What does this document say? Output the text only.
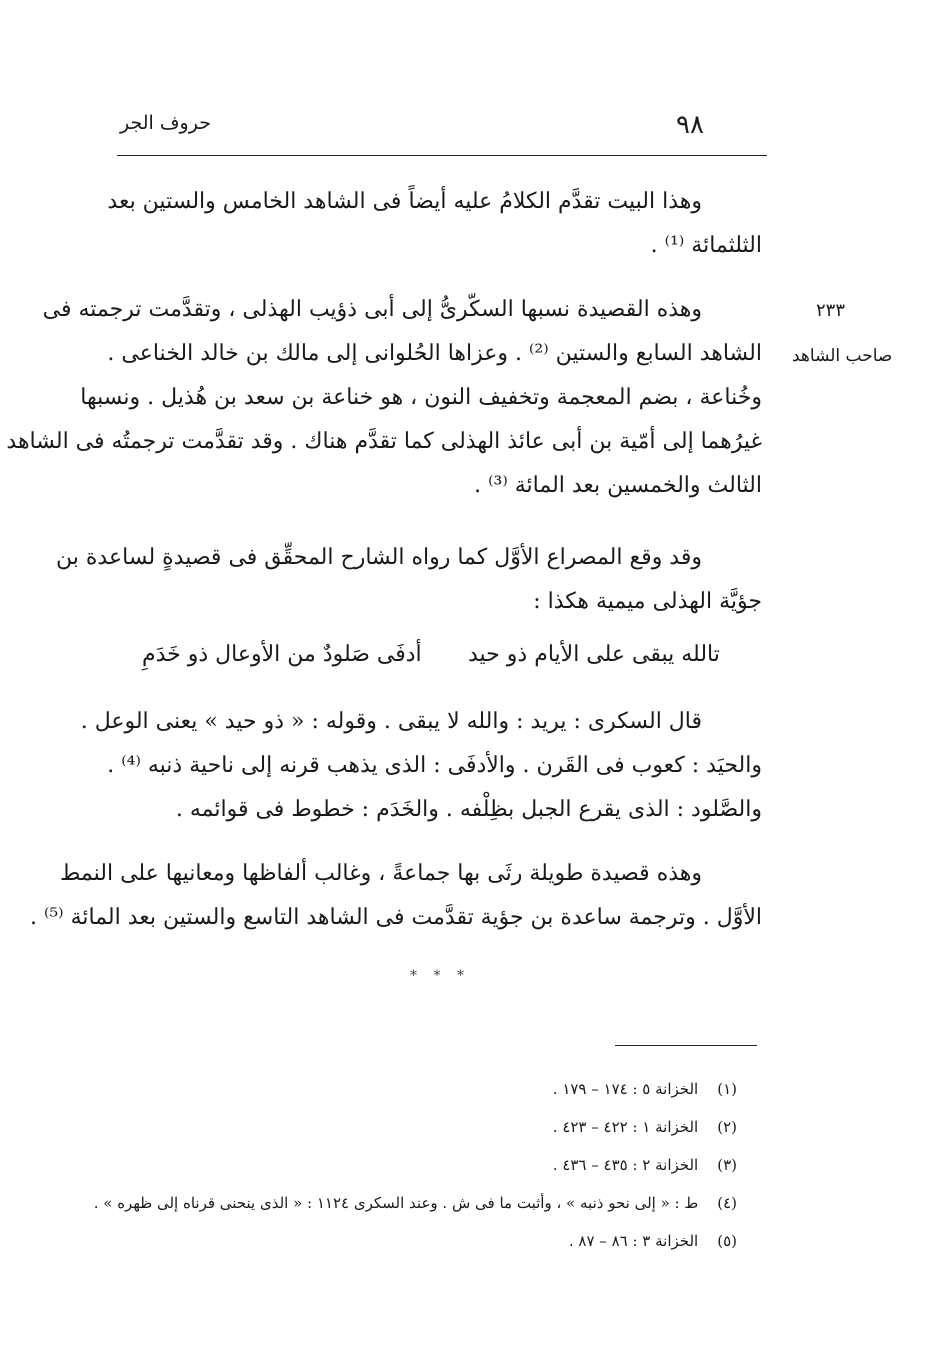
٩٨
حروف الجر
٢٣٣
صاحب الشاهد
وهذا البيت تقدَّم الكلامُ عليه أيضاً فى الشاهد الخامس والستين بعد
الثلثمائة ⁽¹⁾ .
وهذه القصيدة نسبها السكّرىُّ إلى أبى ذؤيب الهذلى ، وتقدَّمت ترجمته فى
الشاهد السابع والستين ⁽²⁾ . وعزاها الحُلوانى إلى مالك بن خالد الخناعى .
وخُناعة ، بضم المعجمة وتخفيف النون ، هو خناعة بن سعد بن هُذيل . ونسبها
غيرُهما إلى أمّية بن أبى عائذ الهذلى كما تقدَّم هناك . وقد تقدَّمت ترجمتُه فى الشاهد
الثالث والخمسين بعد المائة ⁽³⁾ .
وقد وقع المصراع الأوَّل كما رواه الشارح المحقِّق فى قصيدةٍ لساعدة بن
جؤيَّة الهذلى ميمية هكذا :
تالله يبقى على الأيام ذو حيد
أدفَى صَلودٌ من الأوعال ذو خَدَمِ
قال السكرى : يريد : والله لا يبقى . وقوله : « ذو حيد » يعنى الوعل .
والحيَد : كعوب فى القَرن . والأدفَى : الذى يذهب قرنه إلى ناحية ذنبه ⁽⁴⁾ .
والصَّلود : الذى يقرع الجبل بظِلْفه . والخَدَم : خطوط فى قوائمه .
وهذه قصيدة طويلة رثَى بها جماعةً ، وغالب ألفاظها ومعانيها على النمط
الأوَّل . وترجمة ساعدة بن جؤية تقدَّمت فى الشاهد التاسع والستين بعد المائة ⁽⁵⁾ .
* * *
(١) الخزانة ٥ : ١٧٤ – ١٧٩ .
(٢) الخزانة ١ : ٤٢٢ – ٤٢٣ .
(٣) الخزانة ٢ : ٤٣٥ – ٤٣٦ .
(٤) ط : « إلى نحو ذنبه » ، وأثبت ما فى ش . وعند السكرى ١١٢٤ : « الذى ينحنى قرناه إلى ظهره » .
(٥) الخزانة ٣ : ٨٦ – ٨٧ .
